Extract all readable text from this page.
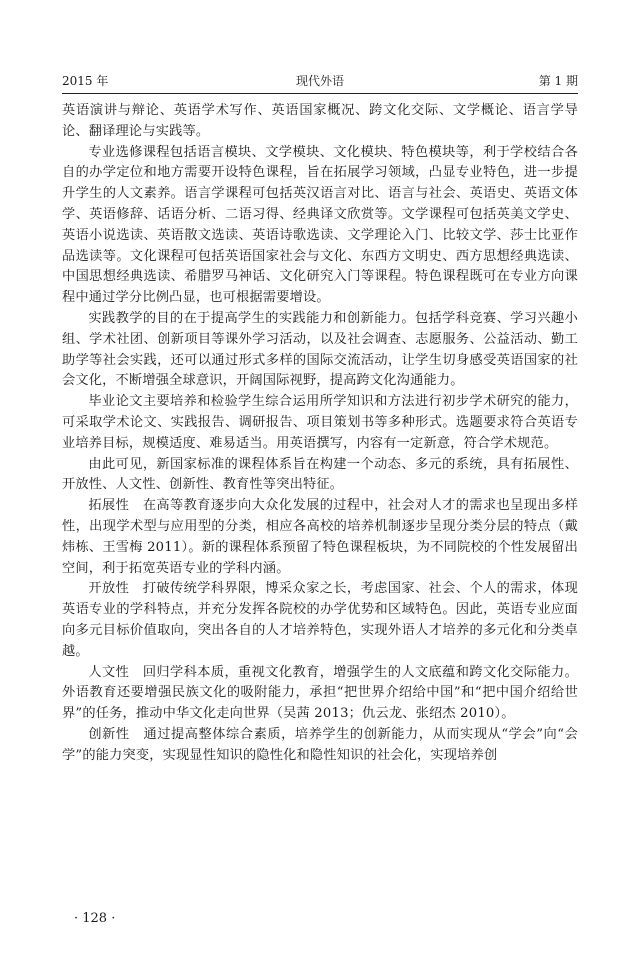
2015 年	现代外语	第 1 期

英语演讲与辩论、英语学术写作、英语国家概况、跨文化交际、文学概论、语言学导论、翻译理论与实践等。

专业选修课程包括语言模块、文学模块、文化模块、特色模块等，利于学校结合各自的办学定位和地方需要开设特色课程，旨在拓展学习领域，凸显专业特色，进一步提升学生的人文素养。语言学课程可包括英汉语言对比、语言与社会、英语史、英语文体学、英语修辞、话语分析、二语习得、经典译文欣赏等。文学课程可包括英美文学史、英语小说选读、英语散文选读、英语诗歌选读、文学理论入门、比较文学、莎士比亚作品选读等。文化课程可包括英语国家社会与文化、东西方文明史、西方思想经典选读、中国思想经典选读、希腊罗马神话、文化研究入门等课程。特色课程既可在专业方向课程中通过学分比例凸显，也可根据需要增设。

实践教学的目的在于提高学生的实践能力和创新能力。包括学科竞赛、学习兴趣小组、学术社团、创新项目等课外学习活动，以及社会调查、志愿服务、公益活动、勤工助学等社会实践，还可以通过形式多样的国际交流活动，让学生切身感受英语国家的社会文化，不断增强全球意识，开阔国际视野，提高跨文化沟通能力。

毕业论文主要培养和检验学生综合运用所学知识和方法进行初步学术研究的能力，可采取学术论文、实践报告、调研报告、项目策划书等多种形式。选题要求符合英语专业培养目标，规模适度、难易适当。用英语撰写，内容有一定新意，符合学术规范。

由此可见，新国家标准的课程体系旨在构建一个动态、多元的系统，具有拓展性、开放性、人文性、创新性、教育性等突出特征。

拓展性　在高等教育逐步向大众化发展的过程中，社会对人才的需求也呈现出多样性，出现学术型与应用型的分类，相应各高校的培养机制逐步呈现分类分层的特点（戴炜栋、王雪梅 2011）。新的课程体系预留了特色课程板块，为不同院校的个性发展留出空间，利于拓宽英语专业的学科内涵。

开放性　打破传统学科界限，博采众家之长，考虑国家、社会、个人的需求，体现英语专业的学科特点，并充分发挥各院校的办学优势和区域特色。因此，英语专业应面向多元目标价值取向，突出各自的人才培养特色，实现外语人才培养的多元化和分类卓越。

人文性　回归学科本质，重视文化教育，增强学生的人文底蕴和跨文化交际能力。外语教育还要增强民族文化的吸附能力，承担“把世界介绍给中国”和“把中国介绍给世界”的任务，推动中华文化走向世界（吴茜 2013；仇云龙、张绍杰 2010）。

创新性　通过提高整体综合素质，培养学生的创新能力，从而实现从“学会”向“会学”的能力突变，实现显性知识的隐性化和隐性知识的社会化，实现培养创

· 128 ·
